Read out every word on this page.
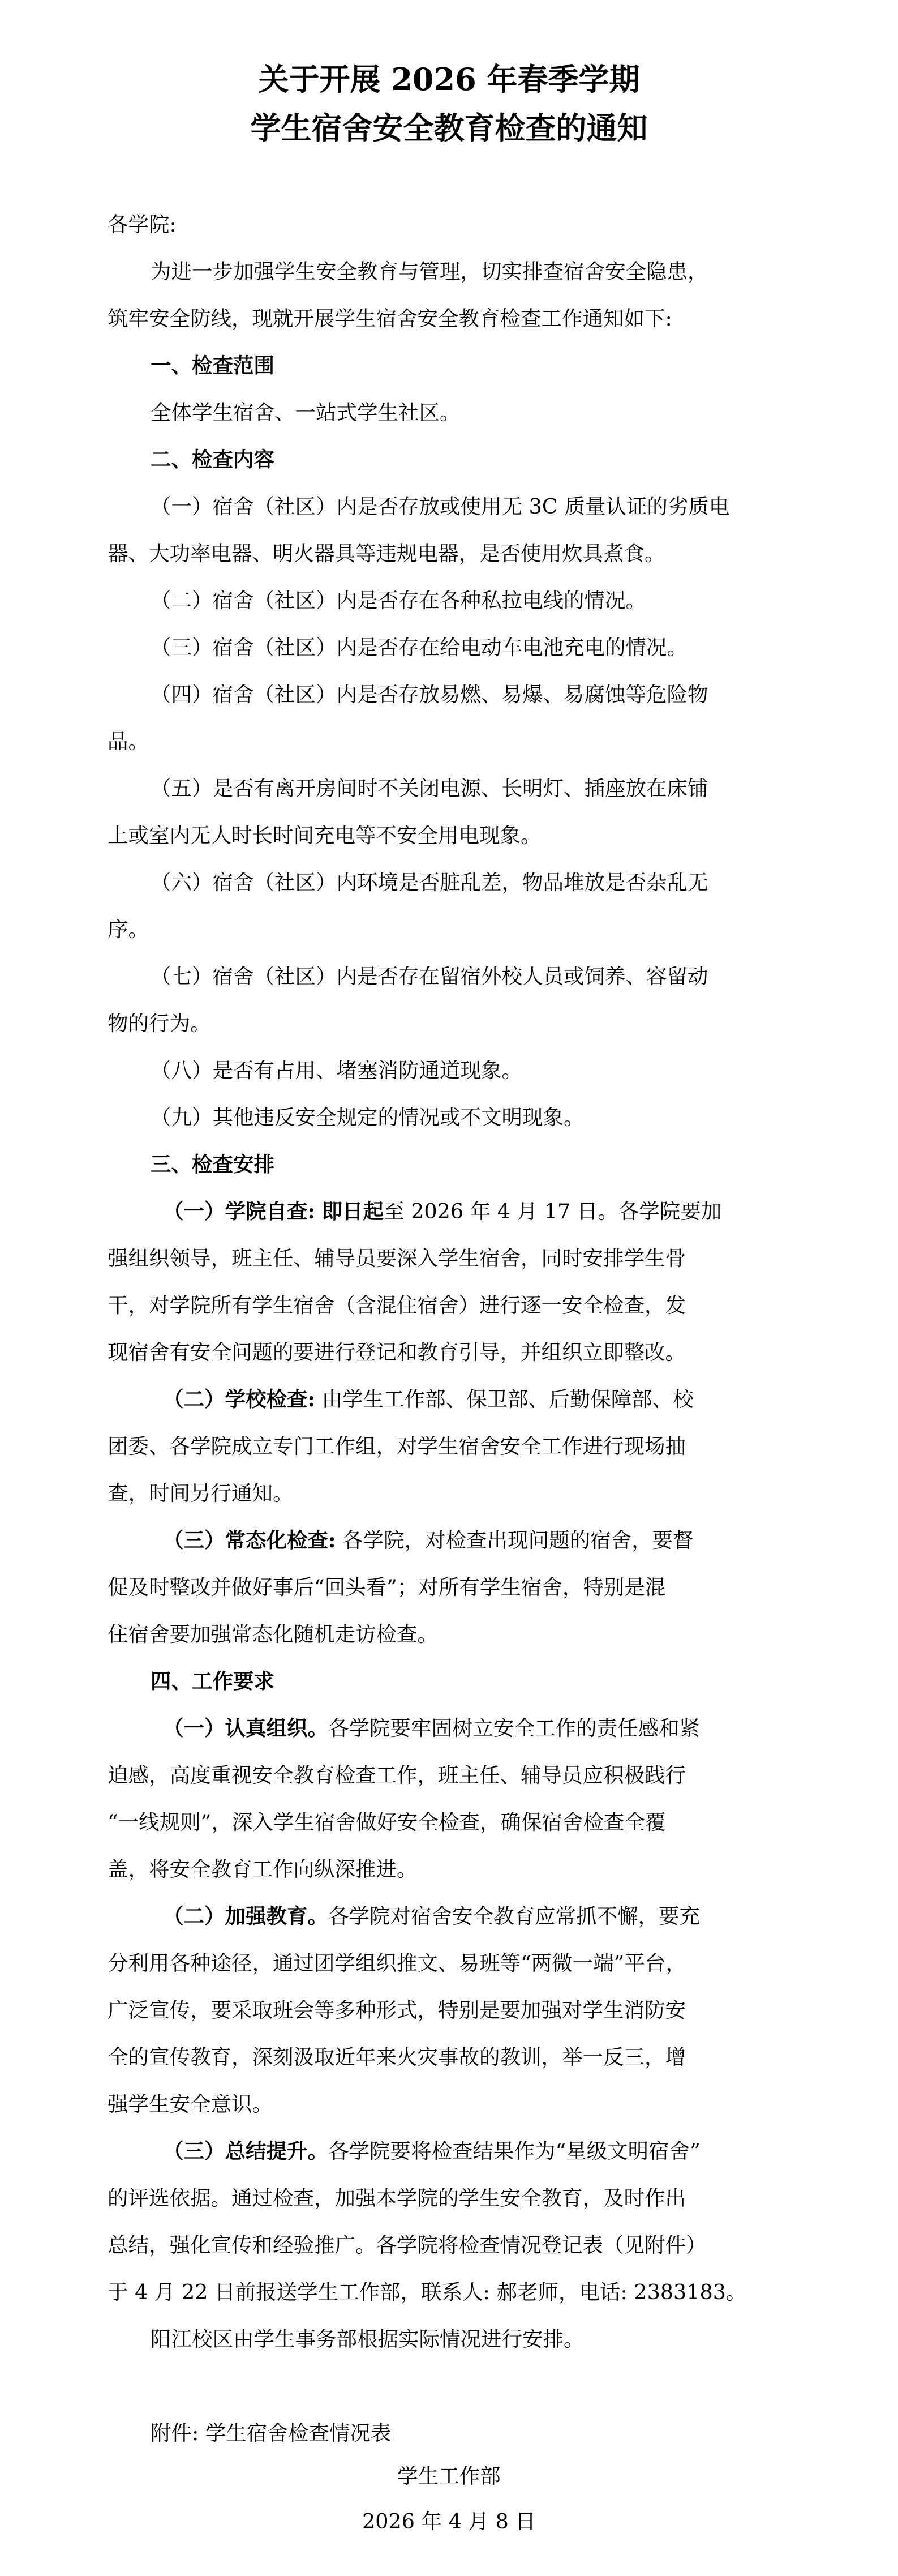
关于开展 2026 年春季学期
学生宿舍安全教育检查的通知
各学院:
为进一步加强学生安全教育与管理，切实排查宿舍安全隐患，
筑牢安全防线，现就开展学生宿舍安全教育检查工作通知如下:
一、检查范围
全体学生宿舍、一站式学生社区。
二、检查内容
（一）宿舍（社区）内是否存放或使用无 3C 质量认证的劣质电
器、大功率电器、明火器具等违规电器，是否使用炊具煮食。
（二）宿舍（社区）内是否存在各种私拉电线的情况。
（三）宿舍（社区）内是否存在给电动车电池充电的情况。
（四）宿舍（社区）内是否存放易燃、易爆、易腐蚀等危险物
品。
（五）是否有离开房间时不关闭电源、长明灯、插座放在床铺
上或室内无人时长时间充电等不安全用电现象。
（六）宿舍（社区）内环境是否脏乱差，物品堆放是否杂乱无
序。
（七）宿舍（社区）内是否存在留宿外校人员或饲养、容留动
物的行为。
（八）是否有占用、堵塞消防通道现象。
（九）其他违反安全规定的情况或不文明现象。
三、检查安排
（一）学院自查: 即日起至 2026 年 4 月 17 日。各学院要加
强组织领导，班主任、辅导员要深入学生宿舍，同时安排学生骨
干，对学院所有学生宿舍（含混住宿舍）进行逐一安全检查，发
现宿舍有安全问题的要进行登记和教育引导，并组织立即整改。
（二）学校检查: 由学生工作部、保卫部、后勤保障部、校
团委、各学院成立专门工作组，对学生宿舍安全工作进行现场抽
查，时间另行通知。
（三）常态化检查: 各学院，对检查出现问题的宿舍，要督
促及时整改并做好事后“回头看”；对所有学生宿舍，特别是混
住宿舍要加强常态化随机走访检查。
四、工作要求
（一）认真组织。各学院要牢固树立安全工作的责任感和紧
迫感，高度重视安全教育检查工作，班主任、辅导员应积极践行
“一线规则”，深入学生宿舍做好安全检查，确保宿舍检查全覆
盖，将安全教育工作向纵深推进。
（二）加强教育。各学院对宿舍安全教育应常抓不懈，要充
分利用各种途径，通过团学组织推文、易班等“两微一端”平台，
广泛宣传，要采取班会等多种形式，特别是要加强对学生消防安
全的宣传教育，深刻汲取近年来火灾事故的教训，举一反三，增
强学生安全意识。
（三）总结提升。各学院要将检查结果作为“星级文明宿舍”
的评选依据。通过检查，加强本学院的学生安全教育，及时作出
总结，强化宣传和经验推广。各学院将检查情况登记表（见附件）
于 4 月 22 日前报送学生工作部，联系人: 郝老师，电话: 2383183。
阳江校区由学生事务部根据实际情况进行安排。
附件: 学生宿舍检查情况表
学生工作部
2026 年 4 月 8 日
